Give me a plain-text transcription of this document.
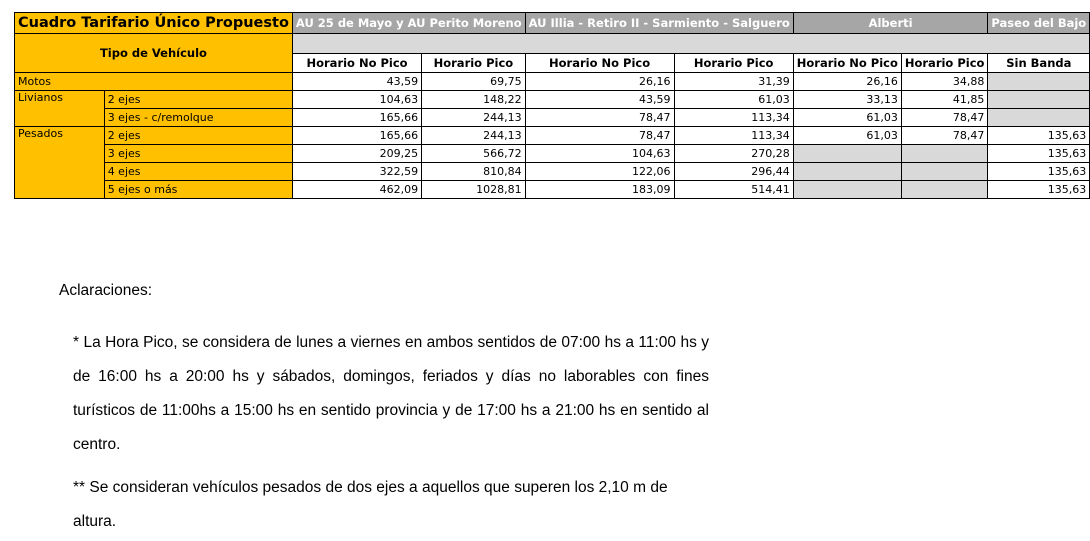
Cuadro Tarifario Único Propuesto		AU 25 de Mayo y AU Perito Moreno		AU Illia - Retiro II - Sarmiento - Salguero		Alberti		Paseo del Bajo
Tipo de Vehículo								
		Horario No Pico	Horario Pico	Horario No Pico	Horario Pico	Horario No Pico	Horario Pico	Sin Banda
Motos		43,59	69,75	26,16	31,39	26,16	34,88	
Livianos	2 ejes	104,63	148,22	43,59	61,03	33,13	41,85	
	3 ejes - c/remolque	165,66	244,13	78,47	113,34	61,03	78,47	
Pesados	2 ejes	165,66	244,13	78,47	113,34	61,03	78,47	135,63
	3 ejes	209,25	566,72	104,63	270,28			135,63
	4 ejes	322,59	810,84	122,06	296,44			135,63
	5 ejes o más	462,09	1028,81	183,09	514,41			135,63

Aclaraciones:

* La Hora Pico, se considera de lunes a viernes en ambos sentidos de 07:00 hs a 11:00 hs y de 16:00 hs a 20:00 hs y sábados, domingos, feriados y días no laborables con fines turísticos de 11:00hs a 15:00 hs en sentido provincia y de 17:00 hs a 21:00 hs en sentido al centro.

** Se consideran vehículos pesados de dos ejes a aquellos que superen los 2,10 m de altura.
